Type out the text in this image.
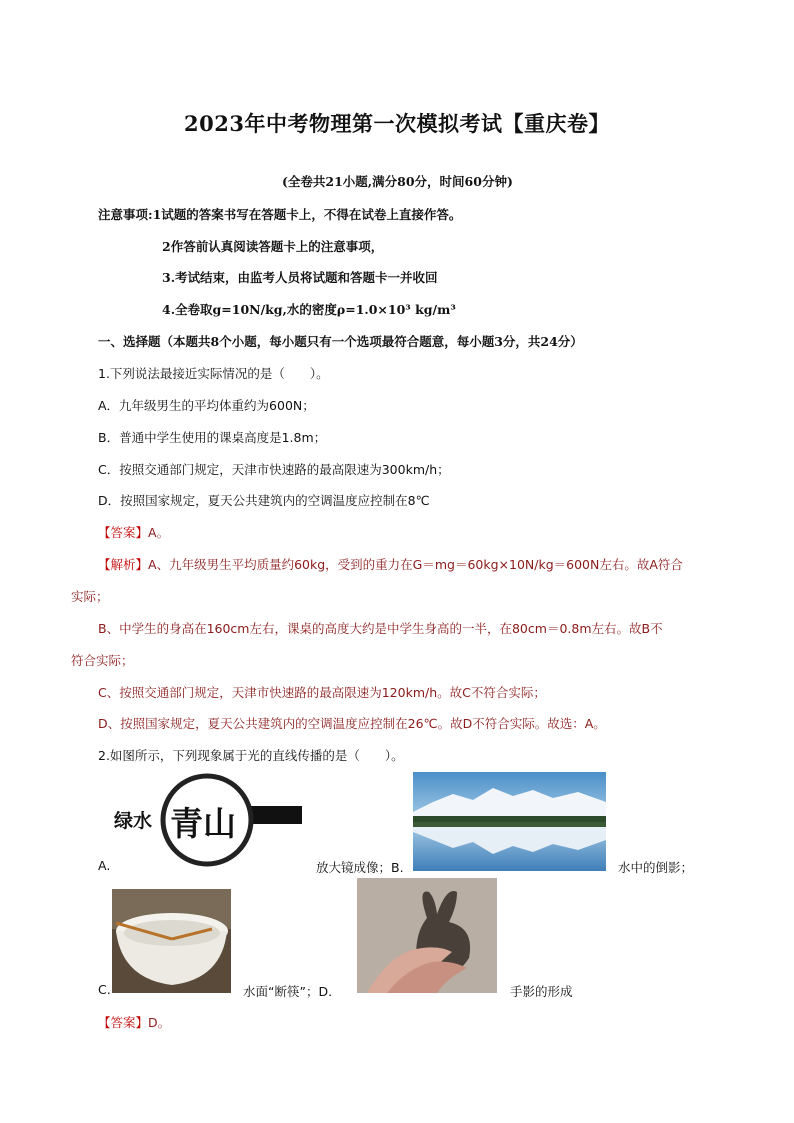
2023年中考物理第一次模拟考试【重庆卷】
(全卷共21小题,满分80分，时间60分钟)
注意事项:1试题的答案书写在答题卡上，不得在试卷上直接作答。
2作答前认真阅读答题卡上的注意事项，
3.考试结束，由监考人员将试题和答题卡一并收回
4.全卷取g=10N/kg,水的密度ρ=1.0×10³ kg/m³
一、选择题（本题共8个小题，每小题只有一个选项最符合题意，每小题3分，共24分）
1.下列说法最接近实际情况的是（　　）。
A．九年级男生的平均体重约为600N；
B．普通中学生使用的课桌高度是1.8m；
C．按照交通部门规定，天津市快速路的最高限速为300km/h；
D．按照国家规定，夏天公共建筑内的空调温度应控制在8℃
【答案】A。
【解析】A、九年级男生平均质量约60kg，受到的重力在G＝mg＝60kg×10N/kg＝600N左右。故A符合
实际；
B、中学生的身高在160cm左右，课桌的高度大约是中学生身高的一半，在80cm＝0.8m左右。故B不
符合实际；
C、按照交通部门规定，天津市快速路的最高限速为120km/h。故C不符合实际；
D、按照国家规定，夏天公共建筑内的空调温度应控制在26℃。故D不符合实际。故选：A。
2.如图所示，下列现象属于光的直线传播的是（　　）。
绿水 青山
A.	放大镜成像；B.	水中的倒影；
C.	水面“断筷”；D.	手影的形成
【答案】D。
